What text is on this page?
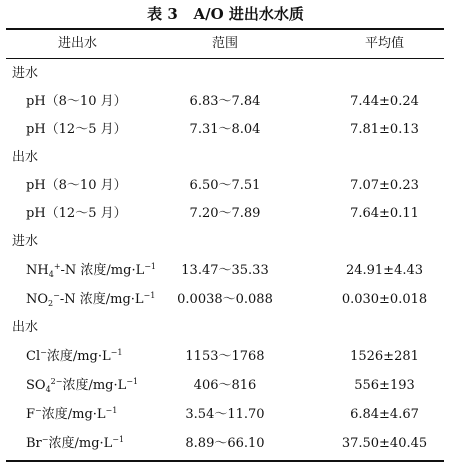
表 3 A/O 进出水水质
进出水	范围	平均值
进水
pH（8～10 月）	6.83～7.84	7.44±0.24
pH（12～5 月）	7.31～8.04	7.81±0.13
出水
pH（8～10 月）	6.50～7.51	7.07±0.23
pH（12～5 月）	7.20～7.89	7.64±0.11
进水
$NH_4^+-N$ 浓度$/mg\cdot L^{-1}$	13.47～35.33	24.91±4.43
$NO_2^--N$ 浓度$/mg\cdot L^{-1}$	0.0038～0.088	0.030±0.018
出水
Cl−浓度$/mg\cdot L^{-1}$	1153～1768	1526±281
$SO_4^{2-}$浓度$/mg\cdot L^{-1}$	406～816	556±193
F−浓度$/mg\cdot L^{-1}$	3.54～11.70	6.84±4.67
Br−浓度$/mg\cdot L^{-1}$	8.89～66.10	37.50±40.45
